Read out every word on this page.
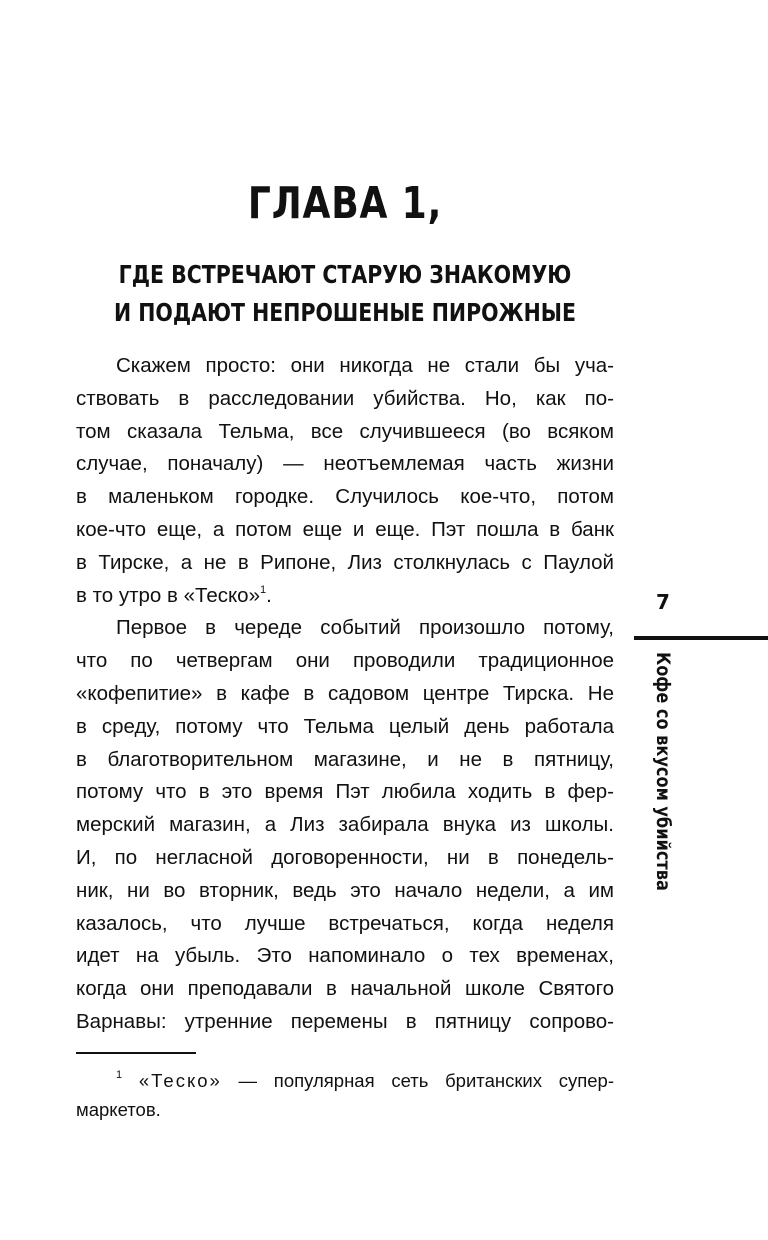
ГЛАВА 1,
ГДЕ ВСТРЕЧАЮТ СТАРУЮ ЗНАКОМУЮ
И ПОДАЮТ НЕПРОШЕНЫЕ ПИРОЖНЫЕ
Скажем просто: они никогда не стали бы уча-
ствовать в расследовании убийства. Но, как по-
том сказала Тельма, все случившееся (во всяком
случае, поначалу) — неотъемлемая часть жизни
в маленьком городке. Случилось кое-что, потом
кое-что еще, а потом еще и еще. Пэт пошла в банк
в Тирске, а не в Рипоне, Лиз столкнулась с Паулой
в то утро в «Теско»$^1$.
Первое в череде событий произошло потому,
что по четвергам они проводили традиционное
«кофепитие» в кафе в садовом центре Тирска. Не
в среду, потому что Тельма целый день работала
в благотворительном магазине, и не в пятницу,
потому что в это время Пэт любила ходить в фер-
мерский магазин, а Лиз забирала внука из школы.
И, по негласной договоренности, ни в понедель-
ник, ни во вторник, ведь это начало недели, а им
казалось, что лучше встречаться, когда неделя
идет на убыль. Это напоминало о тех временах,
когда они преподавали в начальной школе Святого
Варнавы: утренние перемены в пятницу сопрово-
$^1$ «Теско» — популярная сеть британских супер-
маркетов.
7
Кофе со вкусом убийства
